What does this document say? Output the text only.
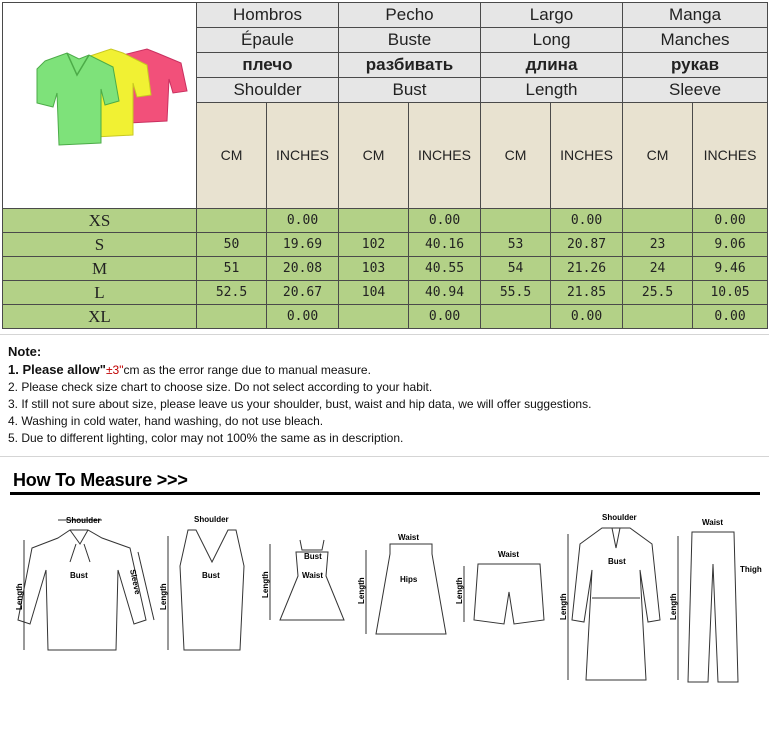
	Hombros		Pecho		Largo		Manga	
	Épaule		Buste		Long		Manches	
	плечо		разбивать		длина		рукав	
	Shoulder		Bust		Length		Sleeve	
	CM	INCHES	CM	INCHES	CM	INCHES	CM	INCHES
XS		0.00		0.00		0.00		0.00
S	50	19.69	102	40.16	53	20.87	23	9.06
M	51	20.08	103	40.55	54	21.26	24	9.46
L	52.5	20.67	104	40.94	55.5	21.85	25.5	10.05
XL		0.00		0.00		0.00		0.00
Note:
1. Please allow"±3"cm as the error range due to manual measure.
2. Please check size chart to choose size. Do not select according to your habit.
3. If still not sure about size, please leave us your shoulder, bust, waist and hip data, we will offer suggestions.
4. Washing in cold water, hand washing, do not use bleach.
5. Due to different lighting, color may not 100% the same as in description.
How To Measure >>>
Shoulder
Bust
Length
Sleeve
Shoulder
Bust
Length
Bust
Waist
Length
Waist
Hips
Length
Waist
Length
Shoulder
Bust
Length
Waist
Thigh
Length
